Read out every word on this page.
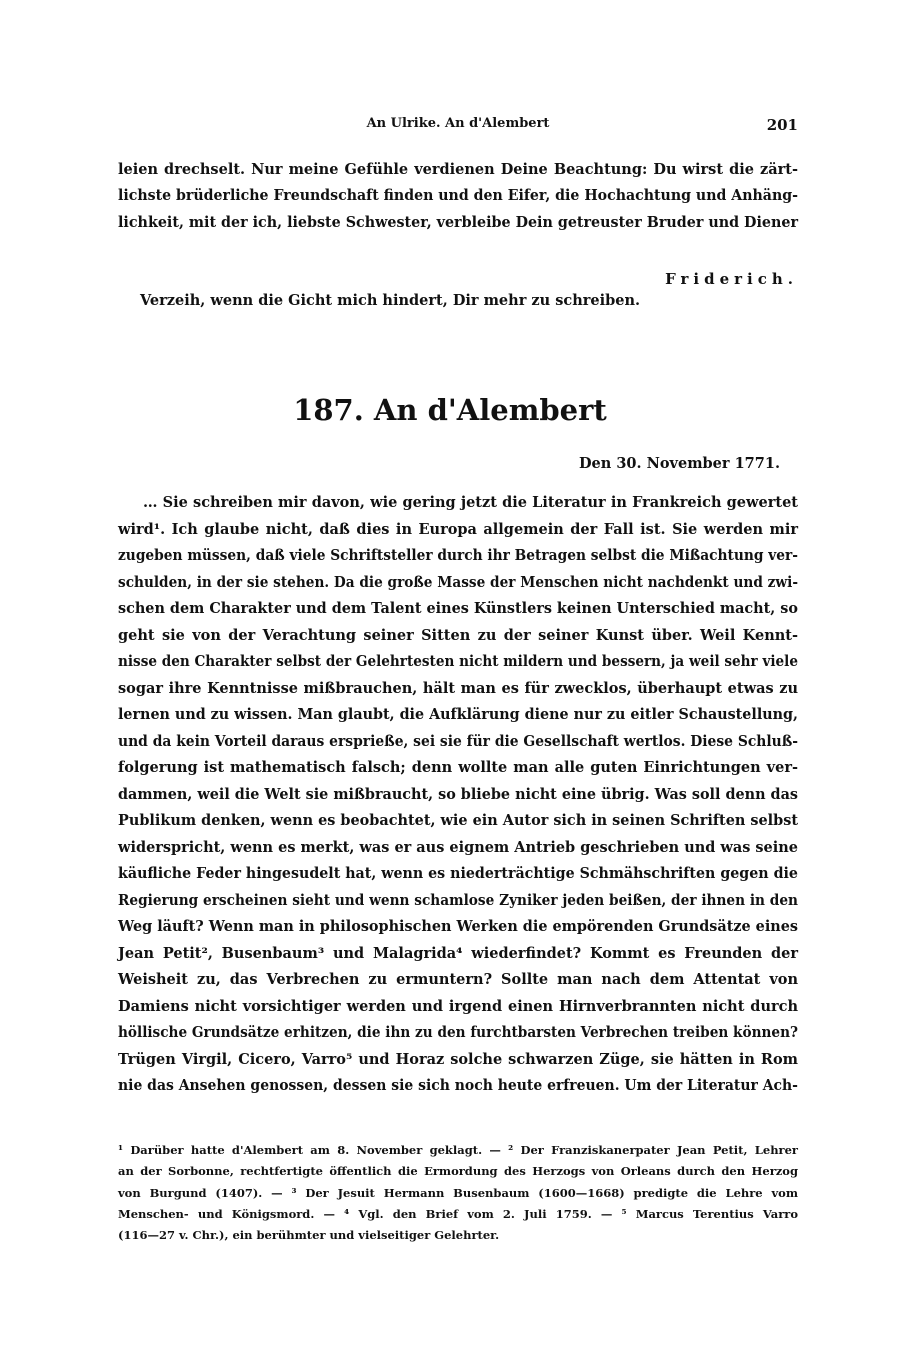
An Ulrike. An d'Alembert	201
leien drechselt. Nur meine Gefühle verdienen Deine Beachtung: Du wirst die zärt-
lichste brüderliche Freundschaft finden und den Eifer, die Hochachtung und Anhäng-
lichkeit, mit der ich, liebste Schwester, verbleibe Dein getreuster Bruder und Diener
Friderich.
Verzeih, wenn die Gicht mich hindert, Dir mehr zu schreiben.
187. An d'Alembert
Den 30. November 1771.
… Sie schreiben mir davon, wie gering jetzt die Literatur in Frankreich gewertet
wird¹. Ich glaube nicht, daß dies in Europa allgemein der Fall ist. Sie werden mir
zugeben müssen, daß viele Schriftsteller durch ihr Betragen selbst die Mißachtung ver-
schulden, in der sie stehen. Da die große Masse der Menschen nicht nachdenkt und zwi-
schen dem Charakter und dem Talent eines Künstlers keinen Unterschied macht, so
geht sie von der Verachtung seiner Sitten zu der seiner Kunst über. Weil Kennt-
nisse den Charakter selbst der Gelehrtesten nicht mildern und bessern, ja weil sehr viele
sogar ihre Kenntnisse mißbrauchen, hält man es für zwecklos, überhaupt etwas zu
lernen und zu wissen. Man glaubt, die Aufklärung diene nur zu eitler Schaustellung,
und da kein Vorteil daraus ersprieße, sei sie für die Gesellschaft wertlos. Diese Schluß-
folgerung ist mathematisch falsch; denn wollte man alle guten Einrichtungen ver-
dammen, weil die Welt sie mißbraucht, so bliebe nicht eine übrig. Was soll denn das
Publikum denken, wenn es beobachtet, wie ein Autor sich in seinen Schriften selbst
widerspricht, wenn es merkt, was er aus eignem Antrieb geschrieben und was seine
käufliche Feder hingesudelt hat, wenn es niederträchtige Schmähschriften gegen die
Regierung erscheinen sieht und wenn schamlose Zyniker jeden beißen, der ihnen in den
Weg läuft? Wenn man in philosophischen Werken die empörenden Grundsätze eines
Jean Petit², Busenbaum³ und Malagrida⁴ wiederfindet? Kommt es Freunden der
Weisheit zu, das Verbrechen zu ermuntern? Sollte man nach dem Attentat von
Damiens nicht vorsichtiger werden und irgend einen Hirnverbrannten nicht durch
höllische Grundsätze erhitzen, die ihn zu den furchtbarsten Verbrechen treiben können?
Trügen Virgil, Cicero, Varro⁵ und Horaz solche schwarzen Züge, sie hätten in Rom
nie das Ansehen genossen, dessen sie sich noch heute erfreuen. Um der Literatur Ach-
¹ Darüber hatte d'Alembert am 8. November geklagt. — ² Der Franziskanerpater Jean Petit, Lehrer
an der Sorbonne, rechtfertigte öffentlich die Ermordung des Herzogs von Orleans durch den Herzog
von Burgund (1407). — ³ Der Jesuit Hermann Busenbaum (1600—1668) predigte die Lehre vom
Menschen- und Königsmord. — ⁴ Vgl. den Brief vom 2. Juli 1759. — ⁵ Marcus Terentius Varro
(116—27 v. Chr.), ein berühmter und vielseitiger Gelehrter.
